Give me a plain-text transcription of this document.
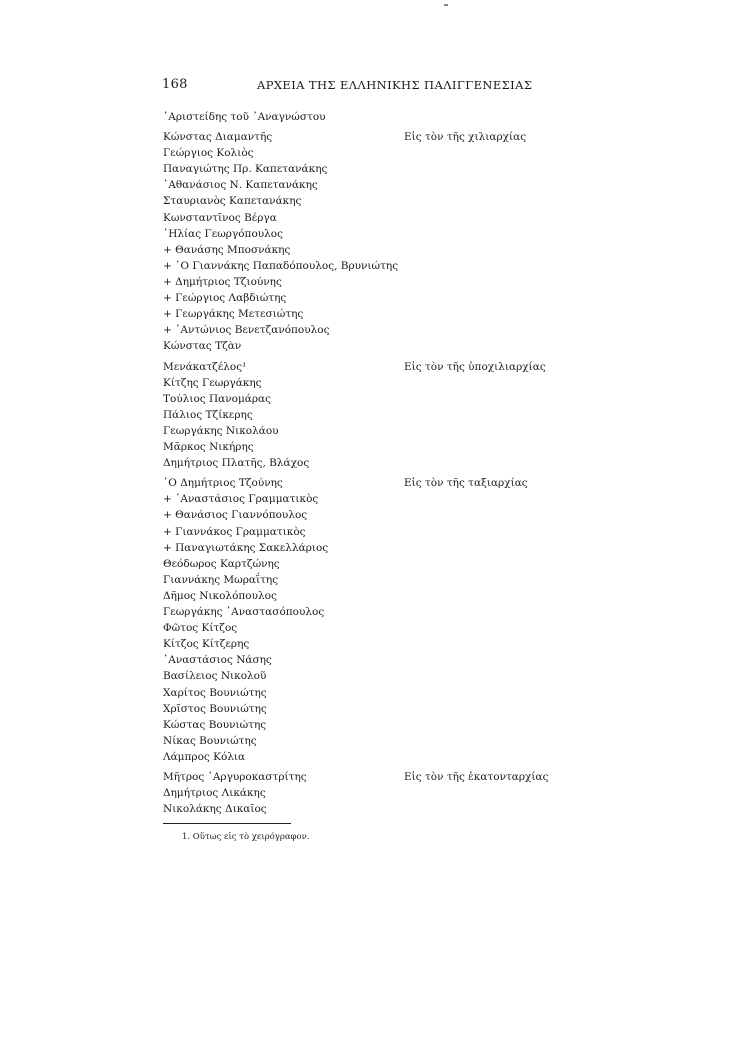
168	ΑΡΧΕΙΑ ΤΗΣ ΕΛΛΗΝΙΚΗΣ ΠΑΛΙΓΓΕΝΕΣΙΑΣ
᾿Αριστείδης τοῦ ᾿Αναγνώστου
Κώνστας Διαμαντῆς	Εἰς τὸν τῆς χιλιαρχίας
Γεώργιος Κολιὸς
Παναγιώτης Πρ. Καπετανάκης
᾿Αθανάσιος Ν. Καπετανάκης
Σταυριανὸς Καπετανάκης
Κωνσταντῖνος Βέργα
᾿Ηλίας Γεωργόπουλος
+ Θανάσης Μποσνάκης
+ ῾Ο Γιαννάκης Παπαδόπουλος, Βρυνιώτης
+ Δημήτριος Τζιούνης
+ Γεώργιος Λαβδιώτης
+ Γεωργάκης Μετεσιώτης
+ ᾿Αντώνιος Βενετζανόπουλος
Κώνστας Τζὰν
Μενάκατζέλος¹	Εἰς τὸν τῆς ὑποχιλιαρχίας
Κίτζης Γεωργάκης
Τούλιος Πανομάρας
Πάλιος Τζίκερης
Γεωργάκης Νικολάου
Μᾶρκος Νικήρης
Δημήτριος Πλατῆς, Βλάχος
῾Ο Δημήτριος Τζούνης	Εἰς τὸν τῆς ταξιαρχίας
+ ᾿Αναστάσιος Γραμματικὸς
+ Θανάσιος Γιαννόπουλος
+ Γιαννάκος Γραμματικὸς
+ Παναγιωτάκης Σακελλάριος
Θεόδωρος Καρτζώνης
Γιαννάκης Μωραΐτης
Δῆμος Νικολόπουλος
Γεωργάκης ᾿Αναστασόπουλος
Φῶτος Κίτζος
Κίτζος Κίτζερης
᾿Αναστάσιος Νάσης
Βασίλειος Νικολοῦ
Χαρίτος Βουνιώτης
Χρῖστος Βουνιώτης
Κώστας Βουνιώτης
Νίκας Βουνιώτης
Λάμπρος Κόλια
Μῆτρος ᾿Αργυροκαστρίτης	Εἰς τὸν τῆς ἑκατονταρχίας
Δημήτριος Λικάκης
Νικολάκης Δικαῖος
1. Οὕτως εἰς τὸ χειρόγραφον.
